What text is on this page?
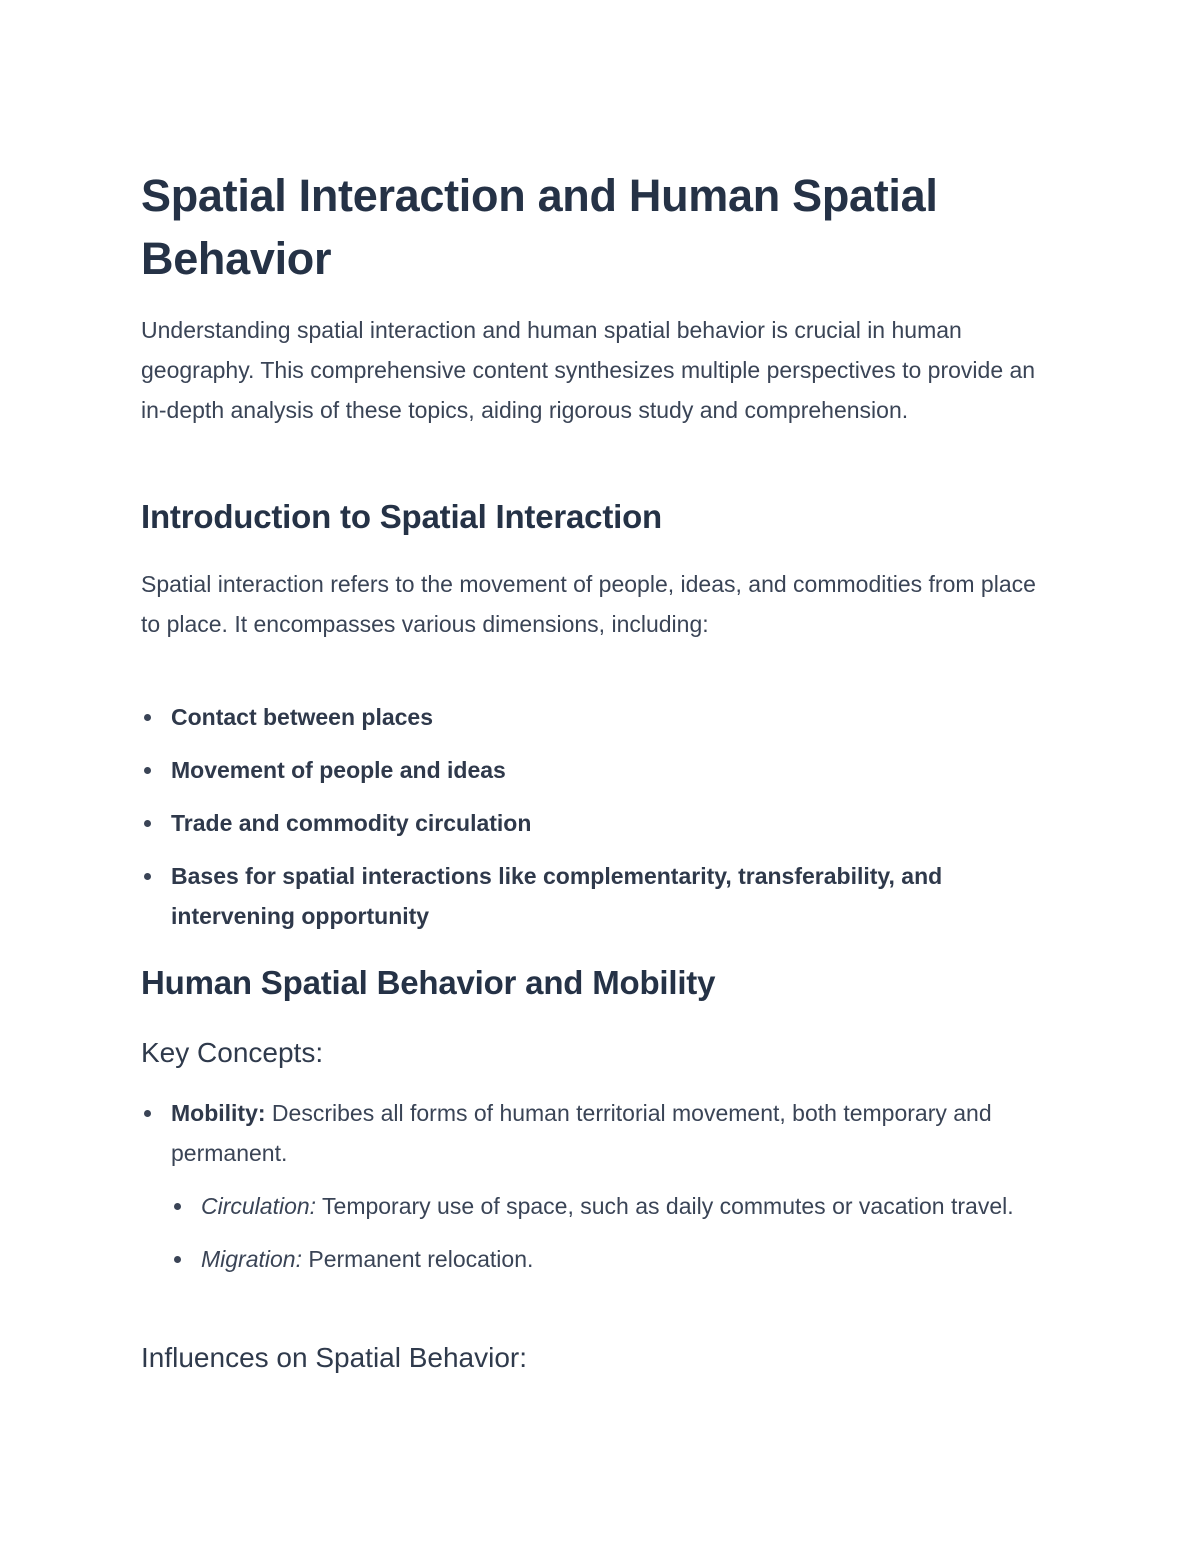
Spatial Interaction and Human Spatial Behavior

Understanding spatial interaction and human spatial behavior is crucial in human geography. This comprehensive content synthesizes multiple perspectives to provide an in-depth analysis of these topics, aiding rigorous study and comprehension.

Introduction to Spatial Interaction

Spatial interaction refers to the movement of people, ideas, and commodities from place to place. It encompasses various dimensions, including:

Contact between places
Movement of people and ideas
Trade and commodity circulation
Bases for spatial interactions like complementarity, transferability, and intervening opportunity
Human Spatial Behavior and Mobility
Key Concepts:
Mobility: Describes all forms of human territorial movement, both temporary and permanent.
Circulation: Temporary use of space, such as daily commutes or vacation travel.
Migration: Permanent relocation.
Influences on Spatial Behavior:
